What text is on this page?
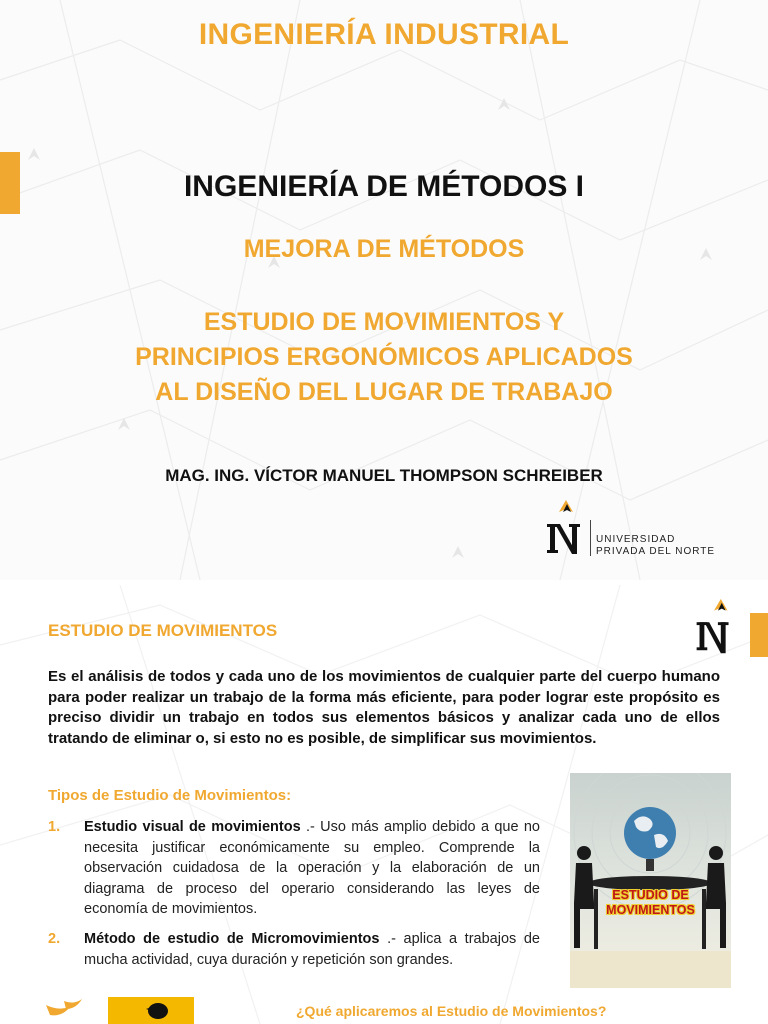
INGENIERÍA INDUSTRIAL
INGENIERÍA DE MÉTODOS I
MEJORA DE MÉTODOS
ESTUDIO DE MOVIMIENTOS Y
PRINCIPIOS ERGONÓMICOS APLICADOS
AL DISEÑO DEL LUGAR DE TRABAJO
MAG. ING. VÍCTOR MANUEL THOMPSON SCHREIBER
UNIVERSIDAD
PRIVADA DEL NORTE
ESTUDIO DE MOVIMIENTOS

Es el análisis de todos y cada uno de los movimientos de cualquier parte del cuerpo humano para poder realizar un trabajo de la forma más eficiente, para poder lograr este propósito es preciso dividir un trabajo en todos sus elementos básicos y analizar cada uno de ellos tratando de eliminar o, si esto no es posible, de simplificar sus movimientos.

Tipos de Estudio de Movimientos:
1. Estudio visual de movimientos .- Uso más amplio debido a que no necesita justificar económicamente su empleo. Comprende la observación cuidadosa de la operación y la elaboración de un diagrama de proceso del operario considerando las leyes de economía de movimientos.
2. Método de estudio de Micromovimientos .- aplica a trabajos de mucha actividad, cuya duración y repetición son grandes.
ESTUDIO DE
MOVIMIENTOS
¿Qué aplicaremos al Estudio de Movimientos?
